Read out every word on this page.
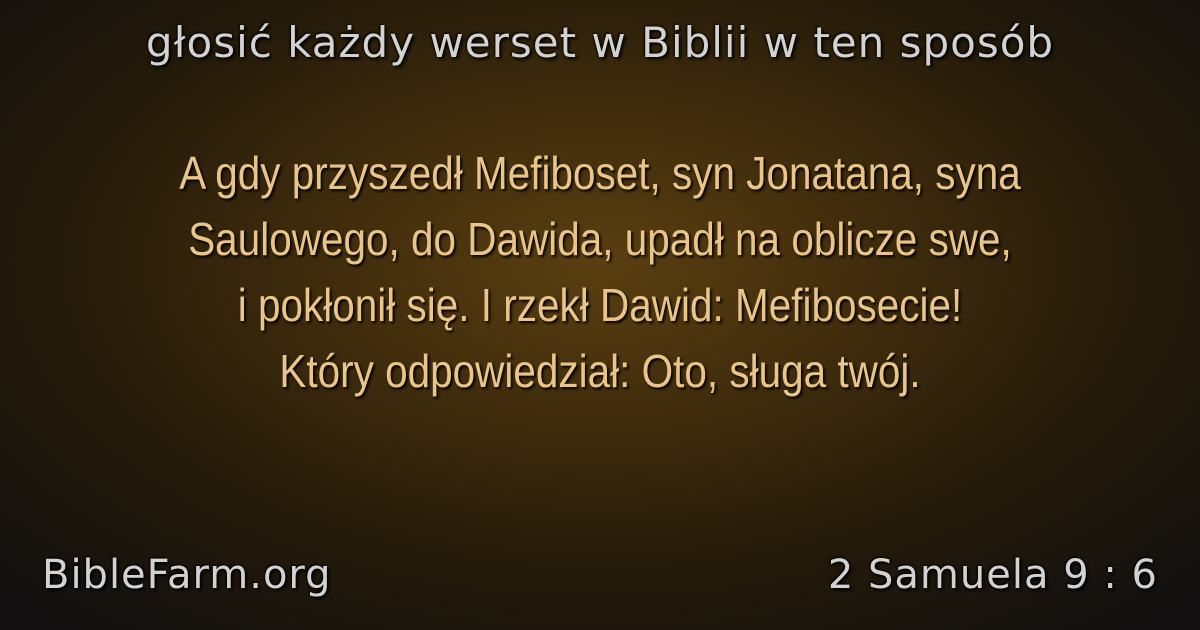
głosić każdy werset w Biblii w ten sposób
A gdy przyszedł Mefiboset, syn Jonatana, syna
Saulowego, do Dawida, upadł na oblicze swe,
i pokłonił się. I rzekł Dawid: Mefibosecie!
Który odpowiedział: Oto, sługa twój.
BibleFarm.org	2 Samuela 9 : 6
